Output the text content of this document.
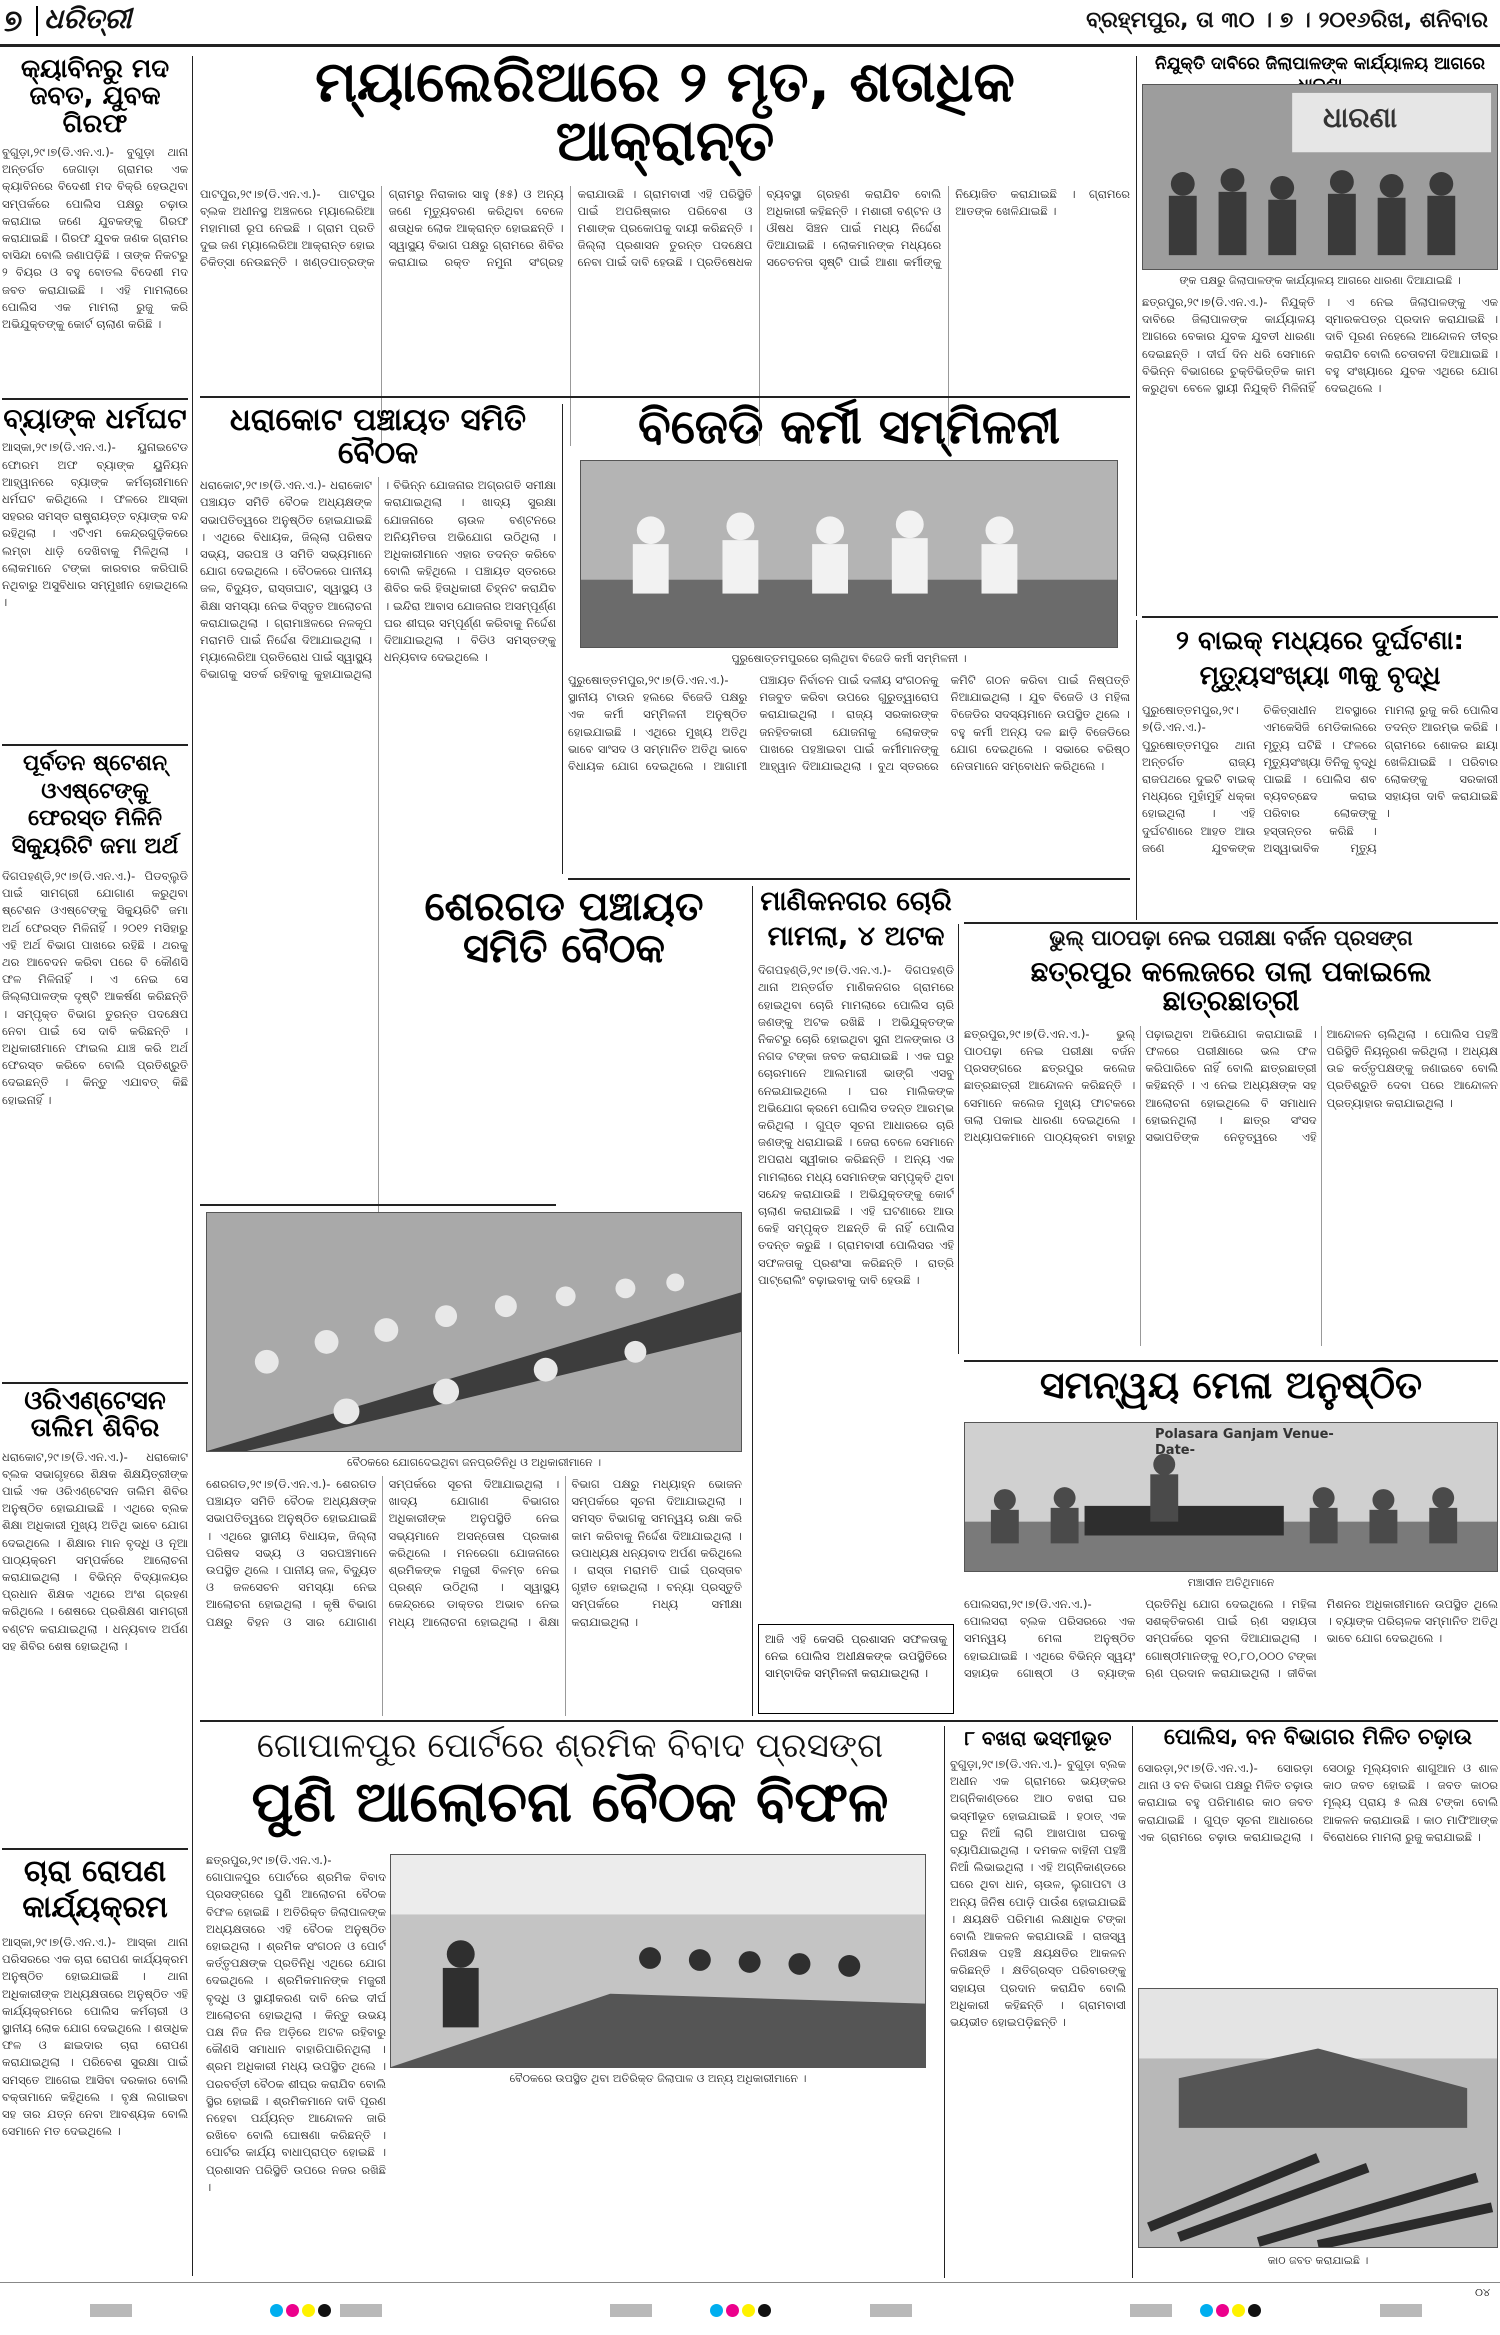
୭ ଧରିତ୍ରୀ	ବ୍ରହ୍ମପୁର, ତା ୩୦ । ୭ । ୨୦୧୬ରିଖ, ଶନିବାର
କ୍ୟାବିନରୁ ମଦ ଜବତ, ଯୁବକ ଗିରଫ
ବୁଗୁଡ଼ା,୨୯।୭(ଡି.ଏନ.ଏ.)- ବୁଗୁଡ଼ା ଥାନା ଅନ୍ତର୍ଗତ ଜେଗାଡ଼ା ଗ୍ରାମର ଏକ କ୍ୟାବିନରେ ବିଦେଶୀ ମଦ ବିକ୍ରି ହେଉଥିବା ସମ୍ପର୍କରେ ପୋଲିସ ପକ୍ଷରୁ ଚଢ଼ାଉ କରାଯାଇ ଜଣେ ଯୁବକଙ୍କୁ ଗିରଫ କରାଯାଇଛି । ଗିରଫ ଯୁବକ ଜଣକ ଗ୍ରାମର ବାସିନ୍ଦା ବୋଲି ଜଣାପଡ଼ିଛି । ତାଙ୍କ ନିକଟରୁ ୨ ବିୟର ଓ ବହୁ ବୋତଲ ବିଦେଶୀ ମଦ ଜବତ କରାଯାଇଛି । ଏହି ମାମଲାରେ ପୋଲିସ ଏକ ମାମଲା ରୁଜୁ କରି ଅଭିଯୁକ୍ତଙ୍କୁ କୋର୍ଟ ଚାଲାଣ କରିଛି ।
ବ୍ୟାଙ୍କ ଧର୍ମଘଟ
ଆସ୍କା,୨୯।୭(ଡି.ଏନ.ଏ.)- ୟୁନାଇଟେଡ ଫୋରମ ଅଫ ବ୍ୟାଙ୍କ ୟୁନିୟନ ଆହ୍ୱାନରେ ବ୍ୟାଙ୍କ କର୍ମଚାରୀମାନେ ଧର୍ମଘଟ କରିଥିଲେ । ଫଳରେ ଆସ୍କା ସହରର ସମସ୍ତ ରାଷ୍ଟ୍ରାୟତ୍ତ ବ୍ୟାଙ୍କ ବନ୍ଦ ରହିଥିଲା । ଏଟିଏମ କେନ୍ଦ୍ରଗୁଡ଼ିକରେ ଲମ୍ବା ଧାଡ଼ି ଦେଖିବାକୁ ମିଳିଥିଲା । ଲୋକମାନେ ଟଙ୍କା କାରବାର କରିପାରି ନଥିବାରୁ ଅସୁବିଧାର ସମ୍ମୁଖୀନ ହୋଇଥିଲେ ।
ପୂର୍ବତନ ଷ୍ଟେଶନ୍ ଓଏଷ୍ଟେଙ୍କୁ ଫେରସ୍ତ ମିଳିନି ସିକ୍ୟୁରିଟି ଜମା ଅର୍ଥ
ଦିଗପହଣ୍ଡି,୨୯।୭(ଡି.ଏନ.ଏ.)- ପିଡବ୍ଲୁଡି ପାଇଁ ସାମଗ୍ରୀ ଯୋଗାଣ କରୁଥିବା ଷ୍ଟେଶନ ଓଏଷ୍ଟେଙ୍କୁ ସିକ୍ୟୁରିଟି ଜମା ଅର୍ଥ ଫେରସ୍ତ ମିଳିନାହିଁ । ୨୦୧୨ ମସିହାରୁ ଏହି ଅର୍ଥ ବିଭାଗ ପାଖରେ ରହିଛି । ଥରକୁ ଥର ଆବେଦନ କରିବା ପରେ ବି କୌଣସି ଫଳ ମିଳିନାହିଁ । ଏ ନେଇ ସେ ଜିଲ୍ଲାପାଳଙ୍କ ଦୃଷ୍ଟି ଆକର୍ଷଣ କରିଛନ୍ତି । ସମ୍ପୃକ୍ତ ବିଭାଗ ତୁରନ୍ତ ପଦକ୍ଷେପ ନେବା ପାଇଁ ସେ ଦାବି କରିଛନ୍ତି । ଅଧିକାରୀମାନେ ଫାଇଲ ଯାଞ୍ଚ କରି ଅର୍ଥ ଫେରସ୍ତ କରିବେ ବୋଲି ପ୍ରତିଶ୍ରୁତି ଦେଇଛନ୍ତି । କିନ୍ତୁ ଏଯାବତ୍ କିଛି ହୋଇନାହିଁ ।
ଓରିଏଣ୍ଟେସନ ତାଲିମ ଶିବିର
ଧରାକୋଟ,୨୯।୭(ଡି.ଏନ.ଏ.)- ଧରାକୋଟ ବ୍ଲକ ସଭାଗୃହରେ ଶିକ୍ଷକ ଶିକ୍ଷୟିତ୍ରୀଙ୍କ ପାଇଁ ଏକ ଓରିଏଣ୍ଟେସନ ତାଲିମ ଶିବିର ଅନୁଷ୍ଠିତ ହୋଇଯାଇଛି । ଏଥିରେ ବ୍ଲକ ଶିକ୍ଷା ଅଧିକାରୀ ମୁଖ୍ୟ ଅତିଥି ଭାବେ ଯୋଗ ଦେଇଥିଲେ । ଶିକ୍ଷାର ମାନ ବୃଦ୍ଧି ଓ ନୂଆ ପାଠ୍ୟକ୍ରମ ସମ୍ପର୍କରେ ଆଲୋଚନା କରାଯାଇଥିଲା । ବିଭିନ୍ନ ବିଦ୍ୟାଳୟର ପ୍ରଧାନ ଶିକ୍ଷକ ଏଥିରେ ଅଂଶ ଗ୍ରହଣ କରିଥିଲେ । ଶେଷରେ ପ୍ରଶିକ୍ଷଣ ସାମଗ୍ରୀ ବଣ୍ଟନ କରାଯାଇଥିଲା । ଧନ୍ୟବାଦ ଅର୍ପଣ ସହ ଶିବିର ଶେଷ ହୋଇଥିଲା ।
ଚାରା ରୋପଣ କାର୍ଯ୍ୟକ୍ରମ
ଆସ୍କା,୨୯।୭(ଡି.ଏନ.ଏ.)- ଆସ୍କା ଥାନା ପରିସରରେ ଏକ ଚାରା ରୋପଣ କାର୍ଯ୍ୟକ୍ରମ ଅନୁଷ୍ଠିତ ହୋଇଯାଇଛି । ଥାନା ଅଧିକାରୀଙ୍କ ଅଧ୍ୟକ୍ଷତାରେ ଅନୁଷ୍ଠିତ ଏହି କାର୍ଯ୍ୟକ୍ରମରେ ପୋଲିସ କର୍ମଚାରୀ ଓ ସ୍ଥାନୀୟ ଲୋକ ଯୋଗ ଦେଇଥିଲେ । ଶତାଧିକ ଫଳ ଓ ଛାଇଦାର ଚାରା ରୋପଣ କରାଯାଇଥିଲା । ପରିବେଶ ସୁରକ୍ଷା ପାଇଁ ସମସ୍ତେ ଆଗେଇ ଆସିବା ଦରକାର ବୋଲି ବକ୍ତାମାନେ କହିଥିଲେ । ବୃକ୍ଷ ଲଗାଇବା ସହ ତାର ଯତ୍ନ ନେବା ଆବଶ୍ୟକ ବୋଲି ସେମାନେ ମତ ଦେଇଥିଲେ ।
ମ୍ୟାଲେରିଆରେ ୨ ମୃତ, ଶତାଧିକ ଆକ୍ରାନ୍ତ
ପାଟପୁର,୨୯।୭(ଡି.ଏନ.ଏ.)- ପାଟପୁର ବ୍ଲକ ଅଧୀନସ୍ଥ ଅଞ୍ଚଳରେ ମ୍ୟାଲେରିଆ ମହାମାରୀ ରୂପ ନେଇଛି । ଗ୍ରାମ ପ୍ରତି ଦୁଇ ଜଣ ମ୍ୟାଲେରିଆ ଆକ୍ରାନ୍ତ ହୋଇ ଚିକିତ୍ସା ନେଉଛନ୍ତି । ଖଣ୍ଡପାତ୍ରଙ୍କ ଗ୍ରାମରୁ ନିରାକାର ସାହୁ (୫୫) ଓ ଅନ୍ୟ ଜଣେ ମୃତ୍ୟୁବରଣ କରିଥିବା ବେଳେ ଶତାଧିକ ଲୋକ ଆକ୍ରାନ୍ତ ହୋଇଛନ୍ତି । ସ୍ୱାସ୍ଥ୍ୟ ବିଭାଗ ପକ୍ଷରୁ ଗ୍ରାମରେ ଶିବିର କରାଯାଇ ରକ୍ତ ନମୁନା ସଂଗ୍ରହ କରାଯାଉଛି । ଗ୍ରାମବାସୀ ଏହି ପରିସ୍ଥିତି ପାଇଁ ଅପରିଷ୍କାର ପରିବେଶ ଓ ମଶାଙ୍କ ପ୍ରକୋପକୁ ଦାୟୀ କରିଛନ୍ତି । ଜିଲ୍ଲା ପ୍ରଶାସନ ତୁରନ୍ତ ପଦକ୍ଷେପ ନେବା ପାଇଁ ଦାବି ହେଉଛି । ପ୍ରତିଷେଧକ ବ୍ୟବସ୍ଥା ଗ୍ରହଣ କରାଯିବ ବୋଲି ଅଧିକାରୀ କହିଛନ୍ତି । ମଶାରୀ ବଣ୍ଟନ ଓ ଔଷଧ ସିଞ୍ଚନ ପାଇଁ ମଧ୍ୟ ନିର୍ଦ୍ଦେଶ ଦିଆଯାଇଛି । ଲୋକମାନଙ୍କ ମଧ୍ୟରେ ସଚେତନତା ସୃଷ୍ଟି ପାଇଁ ଆଶା କର୍ମୀଙ୍କୁ ନିୟୋଜିତ କରାଯାଇଛି । ଗ୍ରାମରେ ଆତଙ୍କ ଖେଳିଯାଇଛି ।
ନିଯୁକ୍ତି ଦାବିରେ ଜିଲାପାଳଙ୍କ କାର୍ଯ୍ୟାଳୟ ଆଗରେ
ଧାରଣା
ଙ୍କ ପକ୍ଷରୁ ଜିଲାପାଳଙ୍କ କାର୍ଯ୍ୟାଳୟ ଆଗରେ ଧାରଣା ଦିଆଯାଇଛି ।
ଛତ୍ରପୁର,୨୯।୭(ଡି.ଏନ.ଏ.)- ନିଯୁକ୍ତି ଦାବିରେ ଜିଲାପାଳଙ୍କ କାର୍ଯ୍ୟାଳୟ ଆଗରେ ବେକାର ଯୁବକ ଯୁବତୀ ଧାରଣା ଦେଇଛନ୍ତି । ଦୀର୍ଘ ଦିନ ଧରି ସେମାନେ ବିଭିନ୍ନ ବିଭାଗରେ ଚୁକ୍ତିଭିତ୍ତିକ କାମ କରୁଥିବା ବେଳେ ସ୍ଥାୟୀ ନିଯୁକ୍ତି ମିଳିନାହିଁ । ଏ ନେଇ ଜିଲାପାଳଙ୍କୁ ଏକ ସ୍ମାରକପତ୍ର ପ୍ରଦାନ କରାଯାଇଛି । ଦାବି ପୂରଣ ନହେଲେ ଆନ୍ଦୋଳନ ତୀବ୍ର କରାଯିବ ବୋଲି ଚେତାବନୀ ଦିଆଯାଇଛି । ବହୁ ସଂଖ୍ୟାରେ ଯୁବକ ଏଥିରେ ଯୋଗ ଦେଇଥିଲେ ।
ଧରାକୋଟ ପଞ୍ଚାୟତ ସମିତି ବୈଠକ
ଧରାକୋଟ,୨୯।୭(ଡି.ଏନ.ଏ.)- ଧରାକୋଟ ପଞ୍ଚାୟତ ସମିତି ବୈଠକ ଅଧ୍ୟକ୍ଷଙ୍କ ସଭାପତିତ୍ୱରେ ଅନୁଷ୍ଠିତ ହୋଇଯାଇଛି । ଏଥିରେ ବିଧାୟକ, ଜିଲ୍ଲା ପରିଷଦ ସଭ୍ୟ, ସରପଞ୍ଚ ଓ ସମିତି ସଭ୍ୟମାନେ ଯୋଗ ଦେଇଥିଲେ । ବୈଠକରେ ପାନୀୟ ଜଳ, ବିଦ୍ୟୁତ, ରାସ୍ତାଘାଟ, ସ୍ୱାସ୍ଥ୍ୟ ଓ ଶିକ୍ଷା ସମସ୍ୟା ନେଇ ବିସ୍ତୃତ ଆଲୋଚନା କରାଯାଇଥିଲା । ଗ୍ରାମାଞ୍ଚଳରେ ନଳକୂପ ମରାମତି ପାଇଁ ନିର୍ଦ୍ଦେଶ ଦିଆଯାଇଥିଲା । ମ୍ୟାଲେରିଆ ପ୍ରତିରୋଧ ପାଇଁ ସ୍ୱାସ୍ଥ୍ୟ ବିଭାଗକୁ ସତର୍କ ରହିବାକୁ କୁହାଯାଇଥିଲା । ବିଭିନ୍ନ ଯୋଜନାର ଅଗ୍ରଗତି ସମୀକ୍ଷା କରାଯାଇଥିଲା । ଖାଦ୍ୟ ସୁରକ୍ଷା ଯୋଜନାରେ ଚାଉଳ ବଣ୍ଟନରେ ଅନିୟମିତତା ଅଭିଯୋଗ ଉଠିଥିଲା । ଅଧିକାରୀମାନେ ଏହାର ତଦନ୍ତ କରିବେ ବୋଲି କହିଥିଲେ । ପଞ୍ଚାୟତ ସ୍ତରରେ ଶିବିର କରି ହିତାଧିକାରୀ ଚିହ୍ନଟ କରାଯିବ । ଇନ୍ଦିରା ଆବାସ ଯୋଜନାର ଅସମ୍ପୂର୍ଣ୍ଣ ଘର ଶୀଘ୍ର ସମ୍ପୂର୍ଣ୍ଣ କରିବାକୁ ନିର୍ଦ୍ଦେଶ ଦିଆଯାଇଥିଲା । ବିଡିଓ ସମସ୍ତଙ୍କୁ ଧନ୍ୟବାଦ ଦେଇଥିଲେ ।
ବିଜେଡି କର୍ମୀ ସମ୍ମିଳନୀ
ପୁରୁଷୋତ୍ତମପୁରରେ ଚାଲିଥିବା ବିଜେଡି କର୍ମୀ ସମ୍ମିଳନୀ ।
ପୁରୁଷୋତ୍ତମପୁର,୨୯।୭(ଡି.ଏନ.ଏ.)- ସ୍ଥାନୀୟ ଟାଉନ ହଲରେ ବିଜେଡି ପକ୍ଷରୁ ଏକ କର୍ମୀ ସମ୍ମିଳନୀ ଅନୁଷ୍ଠିତ ହୋଇଯାଇଛି । ଏଥିରେ ମୁଖ୍ୟ ଅତିଥି ଭାବେ ସାଂସଦ ଓ ସମ୍ମାନିତ ଅତିଥି ଭାବେ ବିଧାୟକ ଯୋଗ ଦେଇଥିଲେ । ଆଗାମୀ ପଞ୍ଚାୟତ ନିର୍ବାଚନ ପାଇଁ ଦଳୀୟ ସଂଗଠନକୁ ମଜବୁତ କରିବା ଉପରେ ଗୁରୁତ୍ୱାରୋପ କରାଯାଇଥିଲା । ରାଜ୍ୟ ସରକାରଙ୍କ ଜନହିତକାରୀ ଯୋଜନାକୁ ଲୋକଙ୍କ ପାଖରେ ପହଞ୍ଚାଇବା ପାଇଁ କର୍ମୀମାନଙ୍କୁ ଆହ୍ୱାନ ଦିଆଯାଇଥିଲା । ବୁଥ ସ୍ତରରେ କମିଟି ଗଠନ କରିବା ପାଇଁ ନିଷ୍ପତ୍ତି ନିଆଯାଇଥିଲା । ଯୁବ ବିଜେଡି ଓ ମହିଳା ବିଜେଡିର ସଦସ୍ୟମାନେ ଉପସ୍ଥିତ ଥିଲେ । ବହୁ କର୍ମୀ ଅନ୍ୟ ଦଳ ଛାଡ଼ି ବିଜେଡିରେ ଯୋଗ ଦେଇଥିଲେ । ସଭାରେ ବରିଷ୍ଠ ନେତାମାନେ ସମ୍ବୋଧନ କରିଥିଲେ ।
୨ ବାଇକ୍ ମଧ୍ୟରେ ଦୁର୍ଘଟଣା: ମୃତ୍ୟୁସଂଖ୍ୟା ୩କୁ ବୃଦ୍ଧି
ପୁରୁଷୋତ୍ତମପୁର,୨୯।୭(ଡି.ଏନ.ଏ.)- ପୁରୁଷୋତ୍ତମପୁର ଥାନା ଅନ୍ତର୍ଗତ ରାଜ୍ୟ ରାଜପଥରେ ଦୁଇଟି ବାଇକ୍ ମଧ୍ୟରେ ମୁହାଁମୁହିଁ ଧକ୍କା ହୋଇଥିଲା । ଏହି ଦୁର୍ଘଟଣାରେ ଆହତ ଆଉ ଜଣେ ଯୁବକଙ୍କ ଚିକିତ୍ସାଧୀନ ଅବସ୍ଥାରେ ଏମକେସିଜି ମେଡିକାଲରେ ମୃତ୍ୟୁ ଘଟିଛି । ଫଳରେ ମୃତ୍ୟୁସଂଖ୍ୟା ତିନିକୁ ବୃଦ୍ଧି ପାଇଛି । ପୋଲିସ ଶବ ବ୍ୟବଚ୍ଛେଦ କରାଇ ପରିବାର ଲୋକଙ୍କୁ ହସ୍ତାନ୍ତର କରିଛି । ଅସ୍ୱାଭାବିକ ମୃତ୍ୟୁ ମାମଲା ରୁଜୁ କରି ପୋଲିସ ତଦନ୍ତ ଆରମ୍ଭ କରିଛି । ଗ୍ରାମରେ ଶୋକର ଛାୟା ଖେଳିଯାଇଛି । ପରିବାର ଲୋକଙ୍କୁ ସରକାରୀ ସହାୟତା ଦାବି କରାଯାଇଛି ।
ଶେରଗଡ ପଞ୍ଚାୟତ ସମିତି ବୈଠକ
ବୈଠକରେ ଯୋଗଦେଇଥିବା ଜନପ୍ରତିନିଧି ଓ ଅଧିକାରୀମାନେ ।
ଶେରଗଡ,୨୯।୭(ଡି.ଏନ.ଏ.)- ଶେରଗଡ ପଞ୍ଚାୟତ ସମିତି ବୈଠକ ଅଧ୍ୟକ୍ଷଙ୍କ ସଭାପତିତ୍ୱରେ ଅନୁଷ୍ଠିତ ହୋଇଯାଇଛି । ଏଥିରେ ସ୍ଥାନୀୟ ବିଧାୟକ, ଜିଲ୍ଲା ପରିଷଦ ସଭ୍ୟ ଓ ସରପଞ୍ଚମାନେ ଉପସ୍ଥିତ ଥିଲେ । ପାନୀୟ ଜଳ, ବିଦ୍ୟୁତ ଓ ଜଳସେଚନ ସମସ୍ୟା ନେଇ ଆଲୋଚନା ହୋଇଥିଲା । କୃଷି ବିଭାଗ ପକ୍ଷରୁ ବିହନ ଓ ସାର ଯୋଗାଣ ସମ୍ପର୍କରେ ସୂଚନା ଦିଆଯାଇଥିଲା । ଖାଦ୍ୟ ଯୋଗାଣ ବିଭାଗର ଅଧିକାରୀଙ୍କ ଅନୁପସ୍ଥିତି ନେଇ ସଭ୍ୟମାନେ ଅସନ୍ତୋଷ ପ୍ରକାଶ କରିଥିଲେ । ମନରେଗା ଯୋଜନାରେ ଶ୍ରମିକଙ୍କ ମଜୁରୀ ବିଳମ୍ବ ନେଇ ପ୍ରଶ୍ନ ଉଠିଥିଲା । ସ୍ୱାସ୍ଥ୍ୟ କେନ୍ଦ୍ରରେ ଡାକ୍ତର ଅଭାବ ନେଇ ମଧ୍ୟ ଆଲୋଚନା ହୋଇଥିଲା । ଶିକ୍ଷା ବିଭାଗ ପକ୍ଷରୁ ମଧ୍ୟାହ୍ନ ଭୋଜନ ସମ୍ପର୍କରେ ସୂଚନା ଦିଆଯାଇଥିଲା । ସମସ୍ତ ବିଭାଗକୁ ସମନ୍ୱୟ ରକ୍ଷା କରି କାମ କରିବାକୁ ନିର୍ଦ୍ଦେଶ ଦିଆଯାଇଥିଲା । ଉପାଧ୍ୟକ୍ଷ ଧନ୍ୟବାଦ ଅର୍ପଣ କରିଥିଲେ । ରାସ୍ତା ମରାମତି ପାଇଁ ପ୍ରସ୍ତାବ ଗୃହୀତ ହୋଇଥିଲା । ବନ୍ୟା ପ୍ରସ୍ତୁତି ସମ୍ପର୍କରେ ମଧ୍ୟ ସମୀକ୍ଷା କରାଯାଇଥିଲା ।
ମାଣିକନଗର ଚୋରି ମାମଲା, ୪ ଅଟକ
ଦିଗପହଣ୍ଡି,୨୯।୭(ଡି.ଏନ.ଏ.)- ଦିଗପହଣ୍ଡି ଥାନା ଅନ୍ତର୍ଗତ ମାଣିକନଗର ଗ୍ରାମରେ ହୋଇଥିବା ଚୋରି ମାମଲାରେ ପୋଲିସ ଚାରି ଜଣଙ୍କୁ ଅଟକ ରଖିଛି । ଅଭିଯୁକ୍ତଙ୍କ ନିକଟରୁ ଚୋରି ହୋଇଥିବା ସୁନା ଅଳଙ୍କାର ଓ ନଗଦ ଟଙ୍କା ଜବତ କରାଯାଇଛି । ଏକ ଘରୁ ଚୋରମାନେ ଆଲମାରୀ ଭାଙ୍ଗି ଏସବୁ ନେଇଯାଇଥିଲେ । ଘର ମାଲିକଙ୍କ ଅଭିଯୋଗ କ୍ରମେ ପୋଲିସ ତଦନ୍ତ ଆରମ୍ଭ କରିଥିଲା । ଗୁପ୍ତ ସୂଚନା ଆଧାରରେ ଚାରି ଜଣଙ୍କୁ ଧରାଯାଇଛି । ଜେରା ବେଳେ ସେମାନେ ଅପରାଧ ସ୍ୱୀକାର କରିଛନ୍ତି । ଅନ୍ୟ ଏକ ମାମଲାରେ ମଧ୍ୟ ସେମାନଙ୍କ ସମ୍ପୃକ୍ତି ଥିବା ସନ୍ଦେହ କରାଯାଉଛି । ଅଭିଯୁକ୍ତଙ୍କୁ କୋର୍ଟ ଚାଲାଣ କରାଯାଇଛି । ଏହି ଘଟଣାରେ ଆଉ କେହି ସମ୍ପୃକ୍ତ ଅଛନ୍ତି କି ନାହିଁ ପୋଲିସ ତଦନ୍ତ କରୁଛି । ଗ୍ରାମବାସୀ ପୋଲିସର ଏହି ସଫଳତାକୁ ପ୍ରଶଂସା କରିଛନ୍ତି । ରାତ୍ରି ପାଟ୍ରୋଲିଂ ବଢ଼ାଇବାକୁ ଦାବି ହେଉଛି ।
ଆଜି ଏହି କେସରି ପ୍ରଶାସନ ସଫଳତାକୁ ନେଇ ପୋଲିସ ଅଧୀକ୍ଷକଙ୍କ ଉପସ୍ଥିତିରେ ସାମ୍ବାଦିକ ସମ୍ମିଳନୀ କରାଯାଇଥିଲା ।
ଭୁଲ୍ ପାଠପଢ଼ା ନେଇ ପରୀକ୍ଷା ବର୍ଜନ ପ୍ରସଙ୍ଗ
ଛତ୍ରପୁର କଲେଜରେ ତାଲା ପକାଇଲେ ଛାତ୍ରଛାତ୍ରୀ
ଛତ୍ରପୁର,୨୯।୭(ଡି.ଏନ.ଏ.)- ଭୁଲ୍ ପାଠପଢ଼ା ନେଇ ପରୀକ୍ଷା ବର୍ଜନ ପ୍ରସଙ୍ଗରେ ଛତ୍ରପୁର କଲେଜ ଛାତ୍ରଛାତ୍ରୀ ଆନ୍ଦୋଳନ କରିଛନ୍ତି । ସେମାନେ କଲେଜ ମୁଖ୍ୟ ଫାଟକରେ ତାଲା ପକାଇ ଧାରଣା ଦେଇଥିଲେ । ଅଧ୍ୟାପକମାନେ ପାଠ୍ୟକ୍ରମ ବାହାରୁ ପଢ଼ାଇଥିବା ଅଭିଯୋଗ କରାଯାଇଛି । ଫଳରେ ପରୀକ୍ଷାରେ ଭଲ ଫଳ କରିପାରିବେ ନାହିଁ ବୋଲି ଛାତ୍ରଛାତ୍ରୀ କହିଛନ୍ତି । ଏ ନେଇ ଅଧ୍ୟକ୍ଷଙ୍କ ସହ ଆଲୋଚନା ହୋଇଥିଲେ ବି ସମାଧାନ ହୋଇନଥିଲା । ଛାତ୍ର ସଂସଦ ସଭାପତିଙ୍କ ନେତୃତ୍ୱରେ ଏହି ଆନ୍ଦୋଳନ ଚାଲିଥିଲା । ପୋଲିସ ପହଞ୍ଚି ପରିସ୍ଥିତି ନିୟନ୍ତ୍ରଣ କରିଥିଲା । ଅଧ୍ୟକ୍ଷ ଉଚ୍ଚ କର୍ତ୍ତୃପକ୍ଷଙ୍କୁ ଜଣାଇବେ ବୋଲି ପ୍ରତିଶ୍ରୁତି ଦେବା ପରେ ଆନ୍ଦୋଳନ ପ୍ରତ୍ୟାହାର କରାଯାଇଥିଲା ।
ସମନ୍ୱୟ ମେଳା ଅନୁଷ୍ଠିତ
Polasara Ganjam Venue- Date-
ମଞ୍ଚାସୀନ ଅତିଥିମାନେ
ପୋଲସରା,୨୯।୭(ଡି.ଏନ.ଏ.)- ପୋଲସରା ବ୍ଲକ ପରିସରରେ ଏକ ସମନ୍ୱୟ ମେଳା ଅନୁଷ୍ଠିତ ହୋଇଯାଇଛି । ଏଥିରେ ବିଭିନ୍ନ ସ୍ୱୟଂ ସହାୟକ ଗୋଷ୍ଠୀ ଓ ବ୍ୟାଙ୍କ ପ୍ରତିନିଧି ଯୋଗ ଦେଇଥିଲେ । ମହିଳା ସଶକ୍ତିକରଣ ପାଇଁ ଋଣ ସହାୟତା ସମ୍ପର୍କରେ ସୂଚନା ଦିଆଯାଇଥିଲା । ଗୋଷ୍ଠୀମାନଙ୍କୁ ୧୦,୮୦,୦୦୦ ଟଙ୍କା ଋଣ ପ୍ରଦାନ କରାଯାଇଥିଲା । ଜୀବିକା ମିଶନର ଅଧିକାରୀମାନେ ଉପସ୍ଥିତ ଥିଲେ । ବ୍ୟାଙ୍କ ପରିଚାଳକ ସମ୍ମାନିତ ଅତିଥି ଭାବେ ଯୋଗ ଦେଇଥିଲେ ।
ଗୋପାଳପୁର ପୋର୍ଟରେ ଶ୍ରମିକ ବିବାଦ ପ୍ରସଙ୍ଗ
ପୁଣି ଆଲୋଚନା ବୈଠକ ବିଫଳ
ବୈଠକରେ ଉପସ୍ଥିତ ଥିବା ଅତିରିକ୍ତ ଜିଲାପାଳ ଓ ଅନ୍ୟ ଅଧିକାରୀମାନେ ।
ଛତ୍ରପୁର,୨୯।୭(ଡି.ଏନ.ଏ.)- ଗୋପାଳପୁର ପୋର୍ଟରେ ଶ୍ରମିକ ବିବାଦ ପ୍ରସଙ୍ଗରେ ପୁଣି ଆଲୋଚନା ବୈଠକ ବିଫଳ ହୋଇଛି । ଅତିରିକ୍ତ ଜିଲାପାଳଙ୍କ ଅଧ୍ୟକ୍ଷତାରେ ଏହି ବୈଠକ ଅନୁଷ୍ଠିତ ହୋଇଥିଲା । ଶ୍ରମିକ ସଂଗଠନ ଓ ପୋର୍ଟ କର୍ତ୍ତୃପକ୍ଷଙ୍କ ପ୍ରତିନିଧି ଏଥିରେ ଯୋଗ ଦେଇଥିଲେ । ଶ୍ରମିକମାନଙ୍କ ମଜୁରୀ ବୃଦ୍ଧି ଓ ସ୍ଥାୟୀକରଣ ଦାବି ନେଇ ଦୀର୍ଘ ଆଲୋଚନା ହୋଇଥିଲା । କିନ୍ତୁ ଉଭୟ ପକ୍ଷ ନିଜ ନିଜ ଅଡ଼ିରେ ଅଟଳ ରହିବାରୁ କୌଣସି ସମାଧାନ ବାହାରିପାରିନଥିଲା । ଶ୍ରମ ଅଧିକାରୀ ମଧ୍ୟ ଉପସ୍ଥିତ ଥିଲେ । ପରବର୍ତ୍ତୀ ବୈଠକ ଶୀଘ୍ର କରାଯିବ ବୋଲି ସ୍ଥିର ହୋଇଛି । ଶ୍ରମିକମାନେ ଦାବି ପୂରଣ ନହେବା ପର୍ଯ୍ୟନ୍ତ ଆନ୍ଦୋଳନ ଜାରି ରଖିବେ ବୋଲି ଘୋଷଣା କରିଛନ୍ତି । ପୋର୍ଟର କାର୍ଯ୍ୟ ବାଧାପ୍ରାପ୍ତ ହୋଇଛି । ପ୍ରଶାସନ ପରିସ୍ଥିତି ଉପରେ ନଜର ରଖିଛି ।
୮ ବଖରା ଭସ୍ମୀଭୂତ
ବୁଗୁଡ଼ା,୨୯।୭(ଡି.ଏନ.ଏ.)- ବୁଗୁଡ଼ା ବ୍ଲକ ଅଧୀନ ଏକ ଗ୍ରାମରେ ଭୟଙ୍କର ଅଗ୍ନିକାଣ୍ଡରେ ଆଠ ବଖରା ଘର ଭସ୍ମୀଭୂତ ହୋଇଯାଇଛି । ହଠାତ୍ ଏକ ଘରୁ ନିଆଁ ଲାଗି ଆଖପାଖ ଘରକୁ ବ୍ୟାପିଯାଇଥିଲା । ଦମକଳ ବାହିନୀ ପହଞ୍ଚି ନିଆଁ ଲିଭାଇଥିଲା । ଏହି ଅଗ୍ନିକାଣ୍ଡରେ ଘରେ ଥିବା ଧାନ, ଚାଉଳ, ଲୁଗାପଟା ଓ ଅନ୍ୟ ଜିନିଷ ପୋଡ଼ି ପାଉଁଶ ହୋଇଯାଇଛି । କ୍ଷୟକ୍ଷତି ପରିମାଣ ଲକ୍ଷାଧିକ ଟଙ୍କା ବୋଲି ଆକଳନ କରାଯାଉଛି । ରାଜସ୍ୱ ନିରୀକ୍ଷକ ପହଞ୍ଚି କ୍ଷୟକ୍ଷତିର ଆକଳନ କରିଛନ୍ତି । କ୍ଷତିଗ୍ରସ୍ତ ପରିବାରଙ୍କୁ ସହାୟତା ପ୍ରଦାନ କରାଯିବ ବୋଲି ଅଧିକାରୀ କହିଛନ୍ତି । ଗ୍ରାମବାସୀ ଭୟଭୀତ ହୋଇପଡ଼ିଛନ୍ତି ।
ପୋଲିସ, ବନ ବିଭାଗର ମିଳିତ ଚଢ଼ାଉ
ସୋରଡ଼ା,୨୯।୭(ଡି.ଏନ.ଏ.)- ସୋରଡ଼ା ଥାନା ଓ ବନ ବିଭାଗ ପକ୍ଷରୁ ମିଳିତ ଚଢ଼ାଉ କରାଯାଇ ବହୁ ପରିମାଣର କାଠ ଜବତ କରାଯାଇଛି । ଗୁପ୍ତ ସୂଚନା ଆଧାରରେ ଏକ ଗ୍ରାମରେ ଚଢ଼ାଉ କରାଯାଇଥିଲା । ସେଠାରୁ ମୂଲ୍ୟବାନ ଶାଗୁଆନ ଓ ଶାଳ କାଠ ଜବତ ହୋଇଛି । ଜବତ କାଠର ମୂଲ୍ୟ ପ୍ରାୟ ୫ ଲକ୍ଷ ଟଙ୍କା ବୋଲି ଆକଳନ କରାଯାଉଛି । କାଠ ମାଫିଆଙ୍କ ବିରୋଧରେ ମାମଲା ରୁଜୁ କରାଯାଇଛି ।
କାଠ ଜବତ କରାଯାଇଛି ।
୦୪
